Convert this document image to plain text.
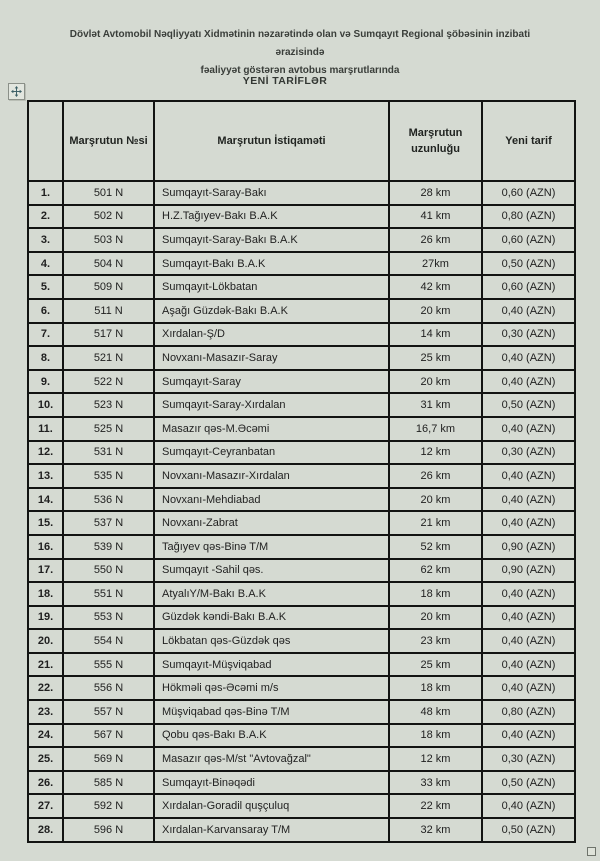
Dövlət Avtomobil Nəqliyyatı Xidmətinin nəzarətində olan və Sumqayıt Regional şöbəsinin inzibati ərazisində
fəaliyyət göstərən avtobus marşrutlarında
YENİ TARİFLƏR
	Marşrutun №si	Marşrutun İstiqaməti	Marşrutun uzunluğu	Yeni tarif
1.	501 N	Sumqayıt-Saray-Bakı	28 km	0,60 (AZN)
2.	502 N	H.Z.Tağıyev-Bakı B.A.K	41 km	0,80 (AZN)
3.	503 N	Sumqayıt-Saray-Bakı B.A.K	26 km	0,60 (AZN)
4.	504 N	Sumqayıt-Bakı B.A.K	27km	0,50 (AZN)
5.	509 N	Sumqayıt-Lökbatan	42 km	0,60 (AZN)
6.	511 N	Aşağı Güzdək-Bakı B.A.K	20 km	0,40 (AZN)
7.	517 N	Xırdalan-Ş/D	14 km	0,30 (AZN)
8.	521 N	Novxanı-Masazır-Saray	25 km	0,40 (AZN)
9.	522 N	Sumqayıt-Saray	20 km	0,40 (AZN)
10.	523 N	Sumqayıt-Saray-Xırdalan	31 km	0,50 (AZN)
11.	525 N	Masazır qəs-M.Əcəmi	16,7 km	0,40 (AZN)
12.	531 N	Sumqayıt-Ceyranbatan	12 km	0,30 (AZN)
13.	535 N	Novxanı-Masazır-Xırdalan	26 km	0,40 (AZN)
14.	536 N	Novxanı-Mehdiabad	20 km	0,40 (AZN)
15.	537 N	Novxanı-Zabrat	21 km	0,40 (AZN)
16.	539 N	Tağıyev qəs-Binə T/M	52 km	0,90 (AZN)
17.	550 N	Sumqayıt -Sahil qəs.	62 km	0,90 (AZN)
18.	551 N	AtyalıY/M-Bakı B.A.K	18 km	0,40 (AZN)
19.	553 N	Güzdək kəndi-Bakı B.A.K	20 km	0,40 (AZN)
20.	554 N	Lökbatan qəs-Güzdək qəs	23 km	0,40 (AZN)
21.	555 N	Sumqayıt-Müşviqabad	25 km	0,40 (AZN)
22.	556 N	Hökməli qəs-Əcəmi m/s	18 km	0,40 (AZN)
23.	557 N	Müşviqabad qəs-Binə T/M	48 km	0,80 (AZN)
24.	567 N	Qobu qəs-Bakı B.A.K	18 km	0,40 (AZN)
25.	569 N	Masazır qəs-M/st "Avtovağzal"	12 km	0,30 (AZN)
26.	585 N	Sumqayıt-Binəqədi	33 km	0,50 (AZN)
27.	592 N	Xırdalan-Goradil quşçuluq	22 km	0,40 (AZN)
28.	596 N	Xırdalan-Karvansaray T/M	32 km	0,50 (AZN)
